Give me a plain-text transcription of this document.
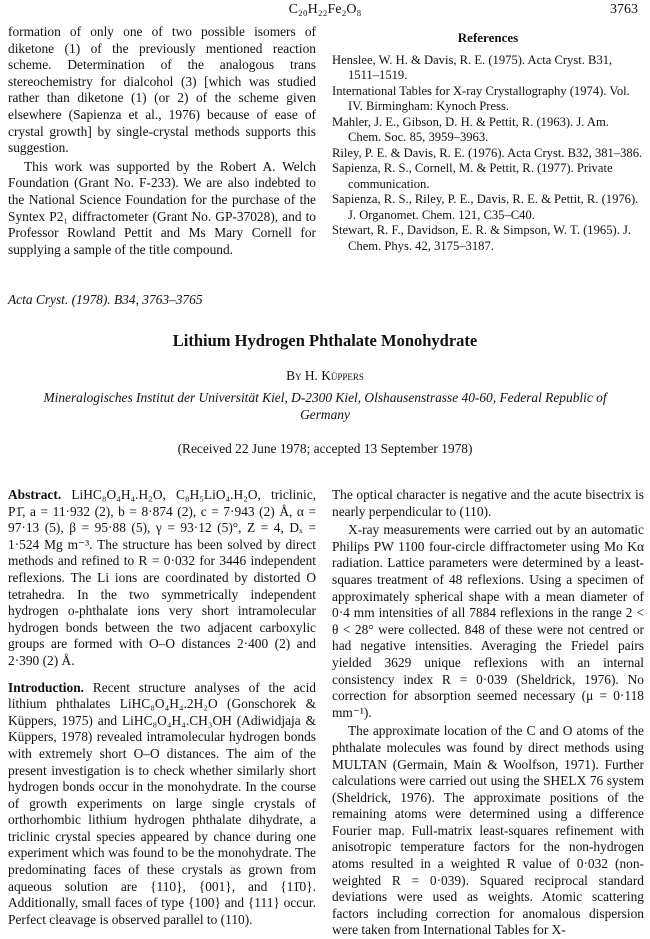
C₂₀H₂₂Fe₂O₈	3763

formation of only one of two possible isomers of diketone (1) of the previously mentioned reaction scheme. Determination of the analogous trans stereochemistry for dialcohol (3) [which was studied rather than diketone (1) (or 2) of the scheme given elsewhere (Sapienza et al., 1976) because of ease of crystal growth] by single-crystal methods supports this suggestion.

This work was supported by the Robert A. Welch Foundation (Grant No. F-233). We are also indebted to the National Science Foundation for the purchase of the Syntex P2₁ diffractometer (Grant No. GP-37028), and to Professor Rowland Pettit and Ms Mary Cornell for supplying a sample of the title compound.

References
Henslee, W. H. & Davis, R. E. (1975). Acta Cryst. B31, 1511–1519.
International Tables for X-ray Crystallography (1974). Vol. IV. Birmingham: Kynoch Press.
Mahler, J. E., Gibson, D. H. & Pettit, R. (1963). J. Am. Chem. Soc. 85, 3959–3963.
Riley, P. E. & Davis, R. E. (1976). Acta Cryst. B32, 381–386.
Sapienza, R. S., Cornell, M. & Pettit, R. (1977). Private communication.
Sapienza, R. S., Riley, P. E., Davis, R. E. & Pettit, R. (1976). J. Organomet. Chem. 121, C35–C40.
Stewart, R. F., Davidson, E. R. & Simpson, W. T. (1965). J. Chem. Phys. 42, 3175–3187.
Acta Cryst. (1978). B34, 3763–3765
Lithium Hydrogen Phthalate Monohydrate
By H. Küppers
Mineralogisches Institut der Universität Kiel, D-2300 Kiel, Olshausenstrasse 40-60, Federal Republic of Germany
(Received 22 June 1978; accepted 13 September 1978)

Abstract. LiHC₈O₄H₄.H₂O, C₈H₅LiO₄.H₂O, triclinic, P1̄, a = 11·932 (2), b = 8·874 (2), c = 7·943 (2) Å, α = 97·13 (5), β = 95·88 (5), γ = 93·12 (5)°, Z = 4, Dₓ = 1·524 Mg m⁻³. The structure has been solved by direct methods and refined to R = 0·032 for 3446 independent reflexions. The Li ions are coordinated by distorted O tetrahedra. In the two symmetrically independent hydrogen o-phthalate ions very short intramolecular hydrogen bonds between the two adjacent carboxylic groups are formed with O–O distances 2·400 (2) and 2·390 (2) Å.

Introduction. Recent structure analyses of the acid lithium phthalates LiHC₈O₄H₄.2H₂O (Gonschorek & Küppers, 1975) and LiHC₈O₄H₄.CH₃OH (Adiwidjaja & Küppers, 1978) revealed intramolecular hydrogen bonds with extremely short O–O distances. The aim of the present investigation is to check whether similarly short hydrogen bonds occur in the monohydrate. In the course of growth experiments on large single crystals of orthorhombic lithium hydrogen phthalate dihydrate, a triclinic crystal species appeared by chance during one experiment which was found to be the monohydrate. The predominating faces of these crystals as grown from aqueous solution are {110}, {001}, and {11̄0}. Additionally, small faces of type {100} and {111} occur. Perfect cleavage is observed parallel to (110).

The optical character is negative and the acute bisectrix is nearly perpendicular to (110).

X-ray measurements were carried out by an automatic Philips PW 1100 four-circle diffractometer using Mo Kα radiation. Lattice parameters were determined by a least-squares treatment of 48 reflexions. Using a specimen of approximately spherical shape with a mean diameter of 0·4 mm intensities of all 7884 reflexions in the range 2 < θ < 28° were collected. 848 of these were not centred or had negative intensities. Averaging the Friedel pairs yielded 3629 unique reflexions with an internal consistency index R = 0·039 (Sheldrick, 1976). No correction for absorption seemed necessary (μ = 0·118 mm⁻¹).

The approximate location of the C and O atoms of the phthalate molecules was found by direct methods using MULTAN (Germain, Main & Woolfson, 1971). Further calculations were carried out using the SHELX 76 system (Sheldrick, 1976). The approximate positions of the remaining atoms were determined using a difference Fourier map. Full-matrix least-squares refinement with anisotropic temperature factors for the non-hydrogen atoms resulted in a weighted R value of 0·032 (non-weighted R = 0·039). Squared reciprocal standard deviations were used as weights. Atomic scattering factors including correction for anomalous dispersion were taken from International Tables for X-
